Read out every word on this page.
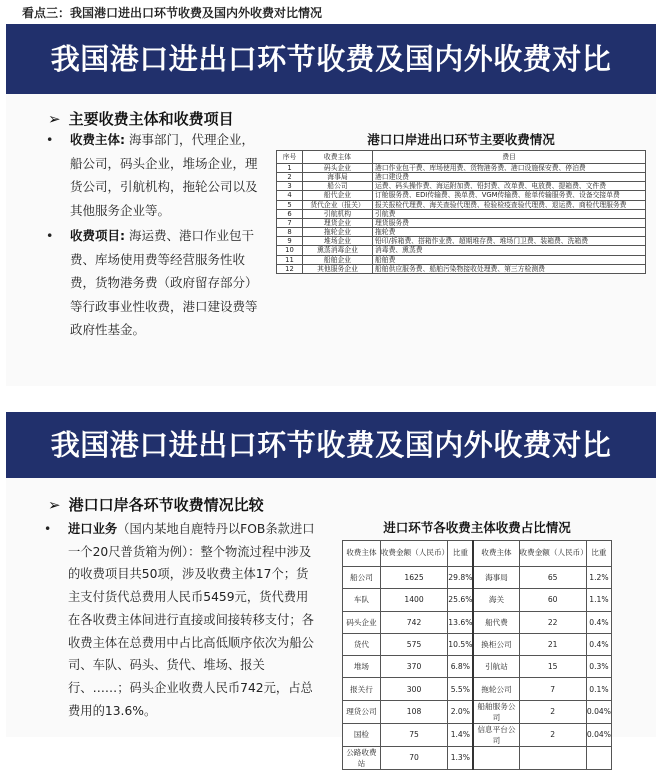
看点三：我国港口进出口环节收费及国内外收费对比情况
我国港口进出口环节收费及国内外收费对比
➢ 主要收费主体和收费项目
• 收费主体: 海事部门，代理企业，船公司，码头企业，堆场企业，理货公司，引航机构，拖轮公司以及其他服务企业等。
• 收费项目: 海运费、港口作业包干费、库场使用费等经营服务性收费，货物港务费（政府留存部分）等行政事业性收费，港口建设费等政府性基金。
港口口岸进出口环节主要收费情况
序号	收费主体	费目
1	码头企业	港口作业包干费、库场使用费、货物港务费、港口设施保安费、停泊费
2	海事局	港口建设费
3	船公司	运费、码头操作费、海运附加费、铅封费、改单费、电放费、提箱费、文件费
4	船代企业	订舱服务费、EDI传输费、换单费、VGM传输费、舱单传输服务费、设备交接单费
5	货代企业（报关）	报关报检代理费、海关查验代理费、检验检疫查验代理费、退运费、商检代理服务费
6	引航机构	引航费
7	理货企业	理货服务费
8	拖轮企业	拖轮费
9	堆场企业	铅印/拆箱费、搭箱作业费、超期堆存费、堆场门卫费、装箱费、洗箱费
10	熏蒸消毒企业	消毒费、熏蒸费
11	船舶企业	船舶费
12	其他服务企业	船舶供应服务费、船舶污染物接收处理费、第三方检测费
我国港口进出口环节收费及国内外收费对比
➢ 港口口岸各环节收费情况比较
• 进口业务（国内某地自鹿特丹以FOB条款进口一个20尺普货箱为例）：整个物流过程中涉及的收费项目共50项，涉及收费主体17个；货主支付货代总费用人民币5459元，货代费用在各收费主体间进行直接或间接转移支付；各收费主体在总费用中占比高低顺序依次为船公司、车队、码头、货代、堆场、报关行、……；码头企业收费人民币742元，占总费用的13.6%。
进口环节各收费主体收费占比情况
收费主体	收费金额（人民币）	比重	收费主体	收费金额（人民币）	比重
船公司	1625	29.8%	海事局	65	1.2%
车队	1400	25.6%	海关	60	1.1%
码头企业	742	13.6%	船代费	22	0.4%
货代	575	10.5%	换柜公司	21	0.4%
堆场	370	6.8%	引航站	15	0.3%
报关行	300	5.5%	拖轮公司	7	0.1%
理货公司	108	2.0%	船舶服务公司	2	0.04%
国检	75	1.4%	信息平台公司	2	0.04%
公路收费站	70	1.3%			
